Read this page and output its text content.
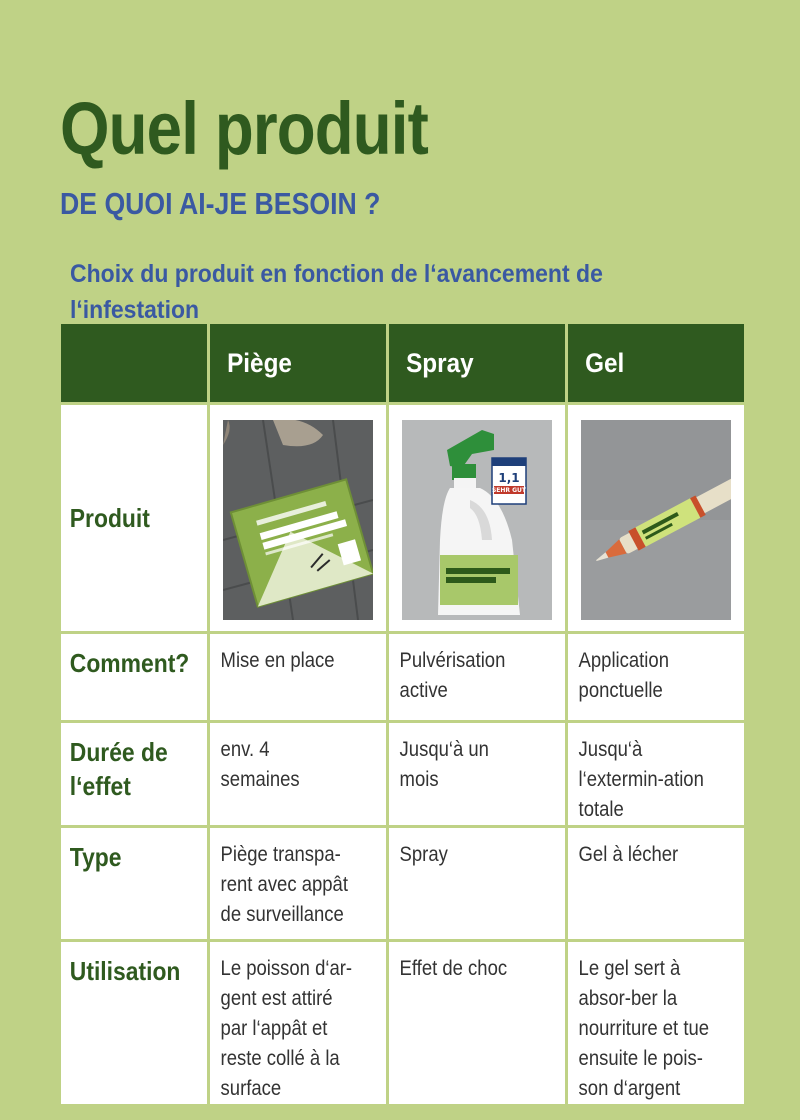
Quel produit
DE QUOI AI-JE BESOIN ?
Choix du produit en fonction de l‘avancement de l‘infestation

	Piège	Spray	Gel

Produit		1,1
SEHR GUT

Comment?	Mise en place	Pulvérisation active	Application ponctuelle

Durée de l‘effet	env. 4 semaines	Jusqu‘à un mois	Jusqu‘à l‘extermin-ation totale

Type	Piège transpa-rent avec appât de surveillance	Spray	Gel à lécher

Utilisation	Le poisson d‘ar-gent est attiré par l‘appât et reste collé à la surface	Effet de choc	Le gel sert à absor-ber la nourriture et tue ensuite le pois-son d‘argent
